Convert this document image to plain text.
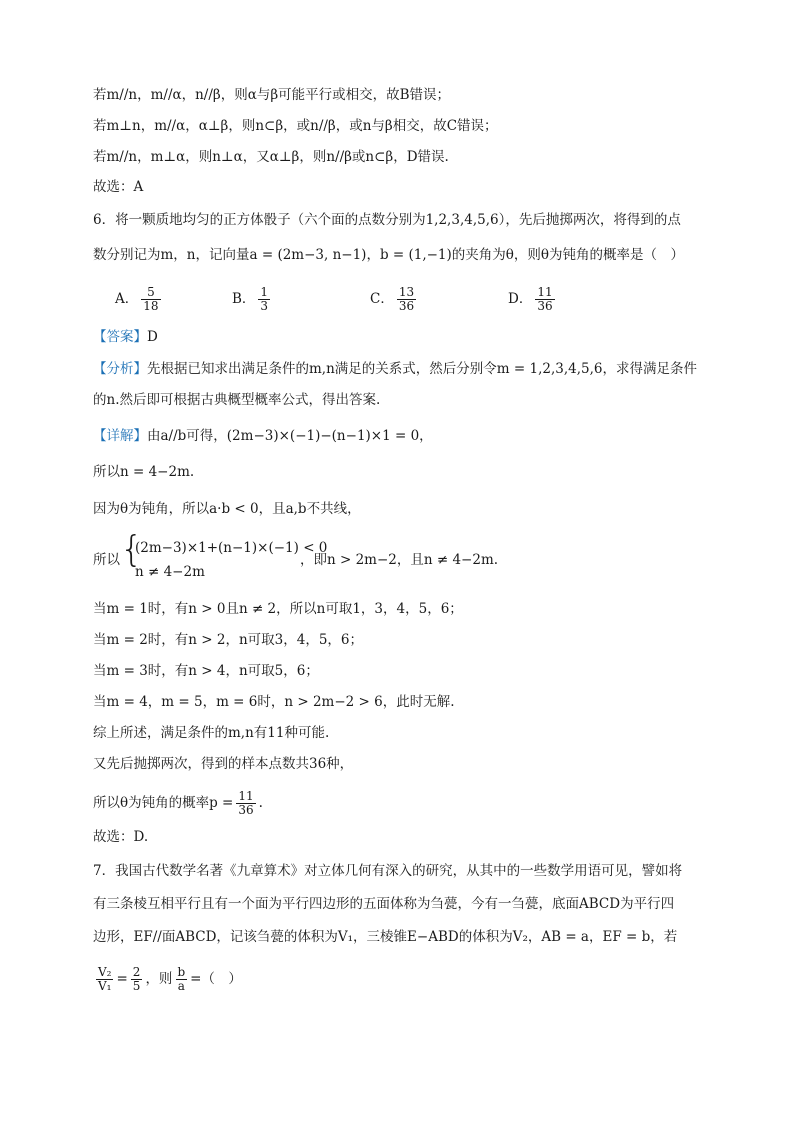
若m//n，m//α，n//β，则α与β可能平行或相交，故B错误；
若m⊥n，m//α，α⊥β，则n⊂β，或n//β，或n与β相交，故C错误；
若m//n，m⊥α，则n⊥α，又α⊥β，则n//β或n⊂β，D错误.
故选：A
6．将一颗质地均匀的正方体骰子（六个面的点数分别为1,2,3,4,5,6），先后抛掷两次，将得到的点
数分别记为m，n，记向量a = (2m−3, n−1)，b = (1,−1)的夹角为θ，则θ为钝角的概率是（　）
A． $\frac{5}{18}$	B． $\frac{1}{3}$	C． $\frac{13}{36}$	D． $\frac{11}{36}$
【答案】D
【分析】先根据已知求出满足条件的m,n满足的关系式，然后分别令m = 1,2,3,4,5,6，求得满足条件
的n.然后即可根据古典概型概率公式，得出答案.
【详解】由a//b可得，(2m−3)×(−1)−(n−1)×1 = 0，
所以n = 4−2m.
因为θ为钝角，所以a·b < 0，且a,b不共线，
所以 {
(2m−3)×1+(n−1)×(−1) < 0
n ≠ 4−2m
，即n > 2m−2，且n ≠ 4−2m.
当m = 1时，有n > 0且n ≠ 2，所以n可取1，3，4，5，6；
当m = 2时，有n > 2，n可取3，4，5，6；
当m = 3时，有n > 4，n可取5，6；
当m = 4，m = 5，m = 6时，n > 2m−2 > 6，此时无解.
综上所述，满足条件的m,n有11种可能.
又先后抛掷两次，得到的样本点数共36种，
所以θ为钝角的概率$p = \frac{11}{36}$ .
故选：D.
7．我国古代数学名著《九章算术》对立体几何有深入的研究，从其中的一些数学用语可见，譬如将
有三条棱互相平行且有一个面为平行四边形的五面体称为刍甍，今有一刍甍，底面ABCD为平行四
边形，EF//面ABCD，记该刍甍的体积为V₁，三棱锥E−ABD的体积为V₂，AB = a，EF = b，若
$\frac{\text{V₂}}{\text{V₁}} = \frac{2}{5}$ ，则 $\frac{b}{a}$ =（　）
